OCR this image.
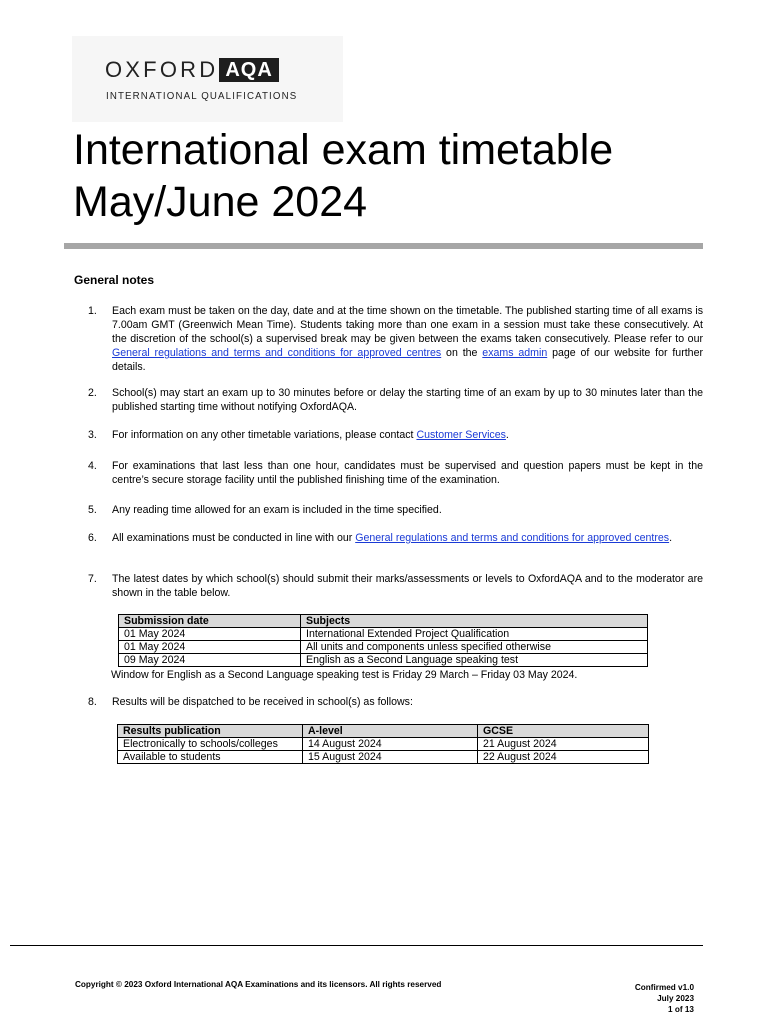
OXFORD AQA
INTERNATIONAL QUALIFICATIONS
International exam timetable
May/June 2024
General notes
1. Each exam must be taken on the day, date and at the time shown on the timetable. The published starting time of all exams is 7.00am GMT (Greenwich Mean Time). Students taking more than one exam in a session must take these consecutively. At the discretion of the school(s) a supervised break may be given between the exams taken consecutively. Please refer to our General regulations and terms and conditions for approved centres on the exams admin page of our website for further details.
2. School(s) may start an exam up to 30 minutes before or delay the starting time of an exam by up to 30 minutes later than the published starting time without notifying OxfordAQA.
3. For information on any other timetable variations, please contact Customer Services.
4. For examinations that last less than one hour, candidates must be supervised and question papers must be kept in the centre’s secure storage facility until the published finishing time of the examination.
5. Any reading time allowed for an exam is included in the time specified.
6. All examinations must be conducted in line with our General regulations and terms and conditions for approved centres.
7. The latest dates by which school(s) should submit their marks/assessments or levels to OxfordAQA and to the moderator are shown in the table below.
Submission date	Subjects
01 May 2024	International Extended Project Qualification
01 May 2024	All units and components unless specified otherwise
09 May 2024	English as a Second Language speaking test
Window for English as a Second Language speaking test is Friday 29 March – Friday 03 May 2024.
8. Results will be dispatched to be received in school(s) as follows:
Results publication	A-level	GCSE
Electronically to schools/colleges	14 August 2024	21 August 2024
Available to students	15 August 2024	22 August 2024
Copyright © 2023 Oxford International AQA Examinations and its licensors. All rights reserved	Confirmed v1.0
July 2023
1 of 13
